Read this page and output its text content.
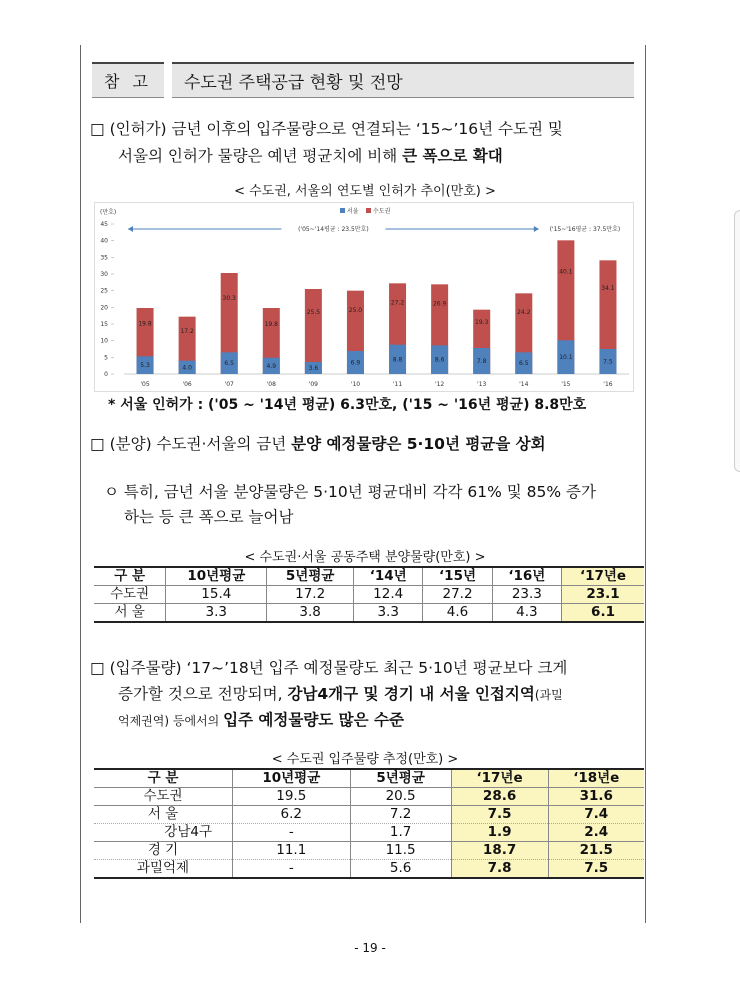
참 고	수도권 주택공급 현황 및 전망
□ (인허가) 금년 이후의 입주물량으로 연결되는 ‘15~’16년 수도권 및
서울의 인허가 물량은 예년 평균치에 비해 큰 폭으로 확대
< 수도권, 서울의 연도별 인허가 추이(만호) >
(만호)
0
5
10
15
20
25
30
35
40
45
서울 수도권
19.8
5.3
'05
17.2
4.0
'06
30.3
6.5
'07
19.8
4.9
'08
25.5
3.6
'09
25.0
6.9
'10
27.2
8.8
'11
26.9
8.6
'12
19.3
7.8
'13
24.2
6.5
'14
40.1
10.1
'15
34.1
7.5
'16
('05~'14평균 : 23.5만호)	('15~'16평균 : 37.5만호)
* 서울 인허가 : ('05 ~ '14년 평균) 6.3만호, ('15 ~ '16년 평균) 8.8만호
□ (분양) 수도권·서울의 금년 분양 예정물량은 5·10년 평균을 상회
ㅇ 특히, 금년 서울 분양물량은 5·10년 평균대비 각각 61% 및 85% 증가
하는 등 큰 폭으로 늘어남
< 수도권·서울 공동주택 분양물량(만호) >
구 분	10년평균	5년평균	‘14년	‘15년	‘16년	‘17년e
수도권	15.4	17.2	12.4	27.2	23.3	23.1
서 울	3.3	3.8	3.3	4.6	4.3	6.1
□ (입주물량) ‘17~’18년 입주 예정물량도 최근 5·10년 평균보다 크게
증가할 것으로 전망되며, 강남4개구 및 경기 내 서울 인접지역(과밀
억제권역) 등에서의 입주 예정물량도 많은 수준
< 수도권 입주물량 추정(만호) >
구 분	10년평균	5년평균	‘17년e	‘18년e
수도권	19.5	20.5	28.6	31.6
서 울	6.2	7.2	7.5	7.4
강남4구	-	1.7	1.9	2.4
경 기	11.1	11.5	18.7	21.5
과밀억제	-	5.6	7.8	7.5
- 19 -
